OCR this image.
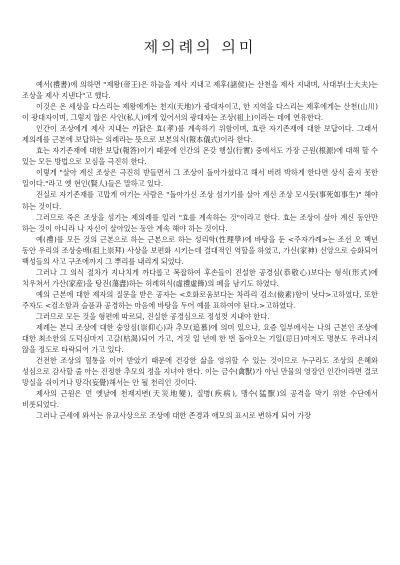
제의례의 의미

예서(禮書)에 의하면 "제왕(帝王)은 하늘을 제사 지내고 제후(諸侯)는 산천을 제사 지내며, 사대부(士大夫)는 조상을 제사 지낸다"고 했다.

이것은 온 세상을 다스리는 제왕에게는 천지(天地)가 광대자이고, 한 지역을 다스리는 제후에게는 산천(山川)이 광대자이며, 그렇지 않은 사인(私人)에게 있어서의 광대자는 조상(祖上)이라는 데에 연유한다.

인간이 조상에게 제사 지내는 까닭은 효(孝)를 계속하기 위함이며, 효란 자기존재에 대한 보답이다. 그래서 제의례를 근본에 보답하는 의례라는 뜻으로 보본의식(報本儀式)이라 한다.

효는 자기존재에 대한 보답(報答)이기 때문에 인간의 온갖 행실(行實) 중에서도 가장 근원(根源)에 대해 할 수 있는 모든 방법으로 모심을 극진히 한다.

이렇게 "살아 계신 조상은 극진히 받들면서 그 조상이 돌아가셨다고 해서 버려 박하게 한다면 상식 흠지 못한 일이다."라고 옛 현인(賢人)들은 말하고 있다.

진실로 자기존재를 고맙게 여기는 사람은 "돌아가신 조상 섬기기를 살아 계신 조상 모시듯(事死如事生)" 해야 하는 것이다.

그러므로 죽은 조상을 섬기는 제의례를 일러 "효를 계속하는 것"이라고 한다. 효는 조상이 살아 계신 동안만 하는 것이 아니라 나 자신이 살아있는 동안 계속 해야 하는 것이다.

예(禮)를 모든 것의 근본으로 하는 근본으로 하는 성리학(性理學)에 바탕을 둔 <주자가례>는 조선 오 백년 동안 우리의 조상숭배(祖上崇拜) 사상을 보편화 시키는데 결대적인 역할을 하였고, 가신(家神) 신앙으로 승화되어 백성들의 사고 구조에까지 그 뿌리를 내리게 되었다.

그러나 그 의식 절차가 지나치게 까다롭고 복잡하여 후손들이 진설한 공경심(恭敬心)보다는 형식(形式)에 치우쳐서 가산(家産)을 탕진(蕩盡)하는 허례허식(虛禮虛飾)의 폐을 남기도 하였다.

예의 근본에 대한 제자의 질문을 받은 공자는 <호화로움보다는 차라리 검소(儉素)함이 낫다>고하였다, 또한 주자도 <검소함과 슬픔과 공경하는 마음에 바탕을 두어 예를 표하여야 된다.>고하였다.

그러므로 모든 것을 형편에 따르되, 진실한 공경심으로 정성껏 지내야 한다.

제례는 본디 조상에 대한 숭앙심(崇仰心)과 추모(追慕)에 의미 있으나, 요즘 일부에서는 나의 근본인 조상에 대한 최소한의 도덕심마저 고갈(枯渴)되어 가고, 거것 일 년에 한 번 돌아오는 기일(忌日)마저도 명분도 우러나지 않을 정도로 타락되어 가고 있다.

건전한 조상의 혈통을 이어 받았기 때문에 건강한 삶을 영위할 수 있는 것이므로 누구라도 조상의 은혜와 성심으로 감사할 줄 아는 진정한 추모의 정을 지녀야 한다. 이는 금수(禽獸)가 아닌 만물의 영장인 인간이라면 결코 망실을 쉬이거나 망각(妄覺)해서는 안 될 천리인 것이다.

제사의 근원은 먼 옛날에 천재지변(天災地變), 질병(疾病), 맹수(猛獸)의 공격을 막기 위한 수단에서 비롯되었다.

그러나 근세에 와서는 유교사상으로 조상에 대한 존경과 애모의 표시로 변하게 되어 가장
